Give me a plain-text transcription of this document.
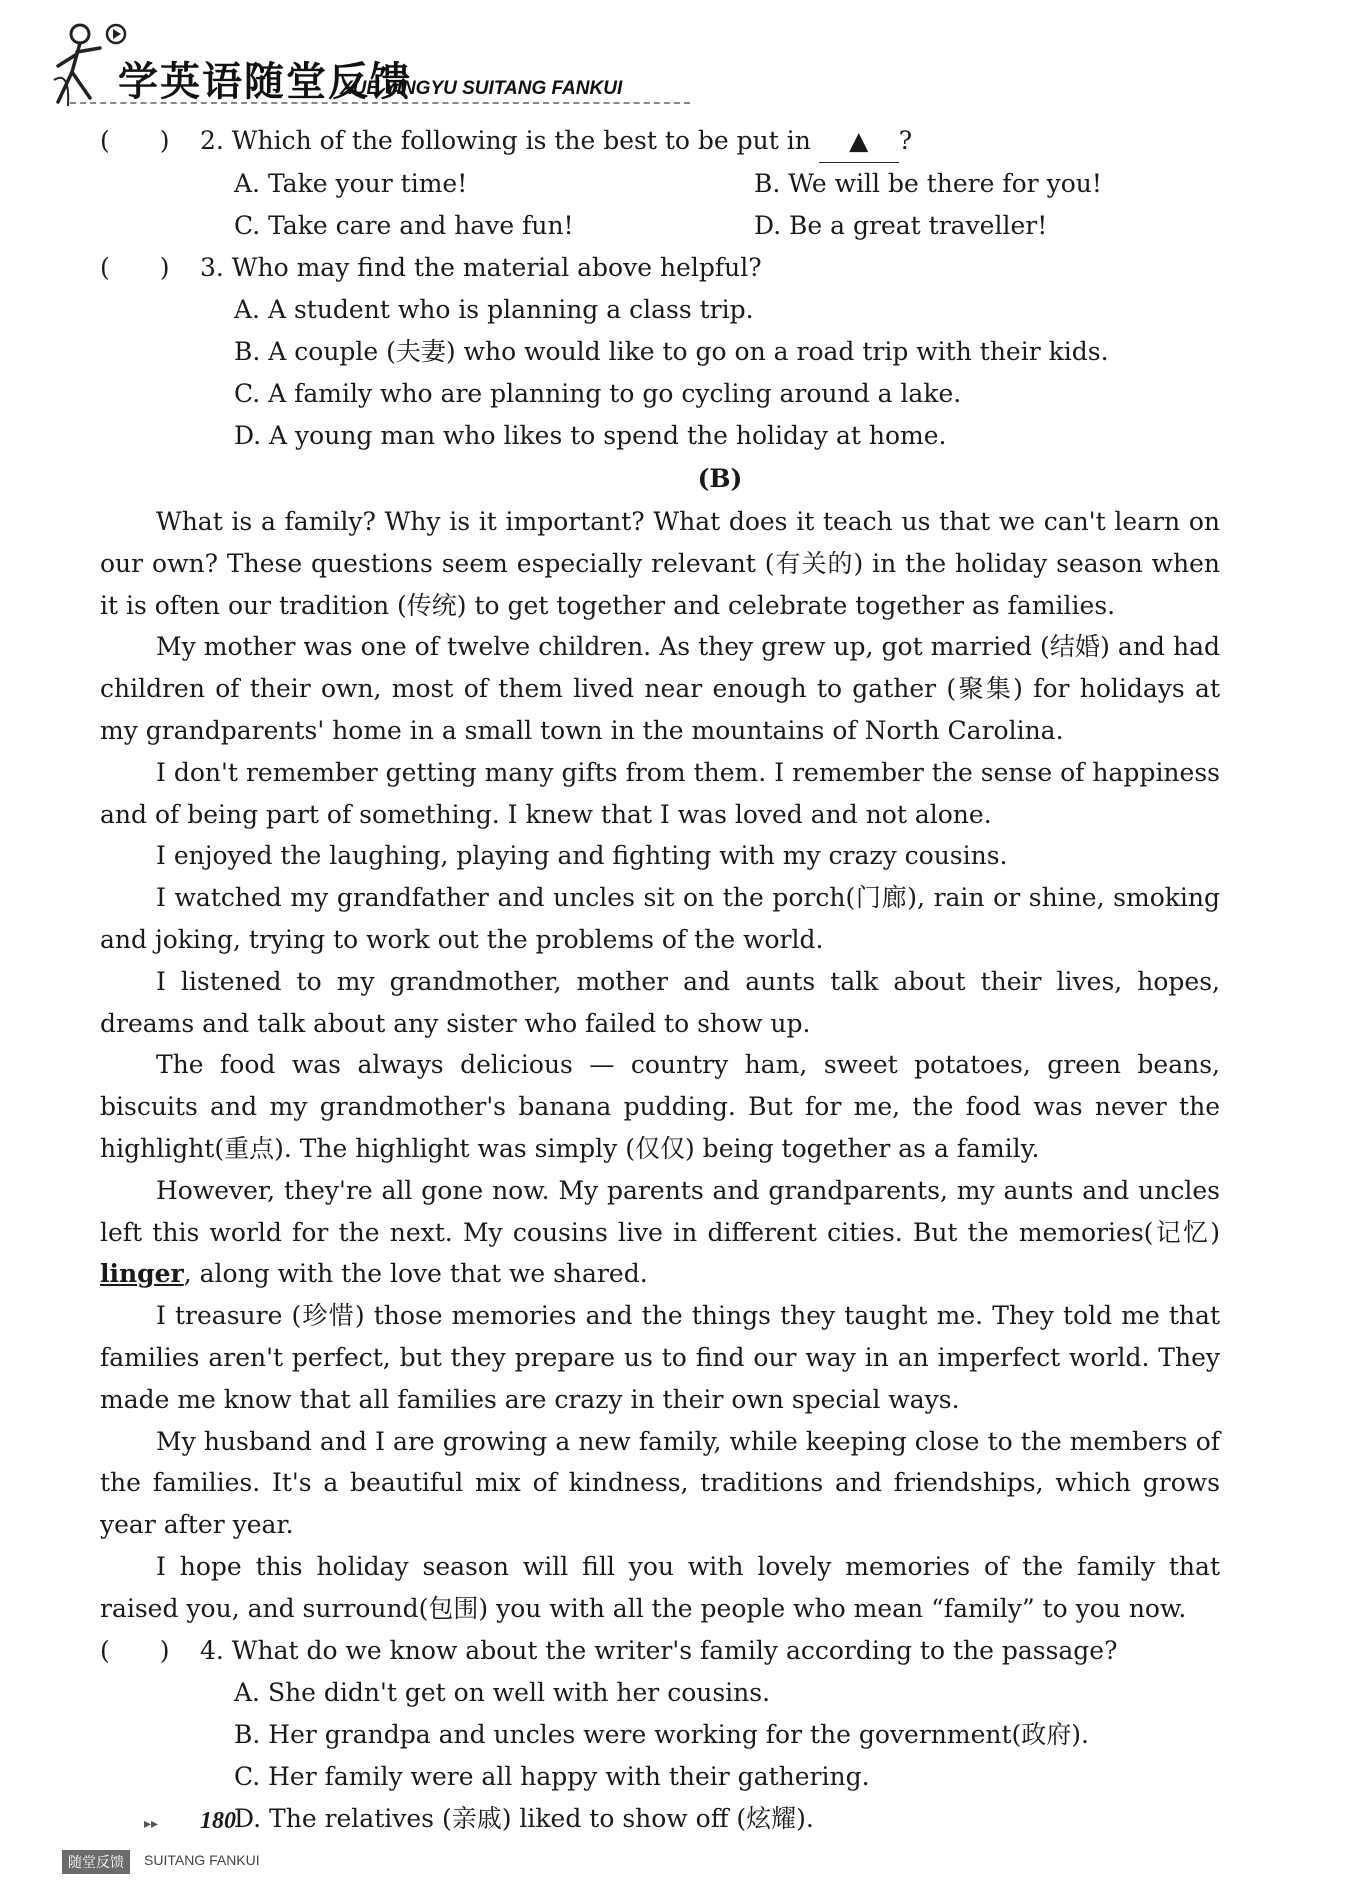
学英语随堂反馈
XUE YINGYU SUITANG FANKUI
(　　) 2. Which of the following is the best to be put in ▲ ?
A. Take your time!	B. We will be there for you!
C. Take care and have fun!	D. Be a great traveller!
(　　) 3. Who may find the material above helpful?
A. A student who is planning a class trip.
B. A couple (夫妻) who would like to go on a road trip with their kids.
C. A family who are planning to go cycling around a lake.
D. A young man who likes to spend the holiday at home.
(B)

What is a family? Why is it important? What does it teach us that we can't learn on our own? These questions seem especially relevant (有关的) in the holiday season when it is often our tradition (传统) to get together and celebrate together as families.

My mother was one of twelve children. As they grew up, got married (结婚) and had children of their own, most of them lived near enough to gather (聚集) for holidays at my grandparents' home in a small town in the mountains of North Carolina.

I don't remember getting many gifts from them. I remember the sense of happiness and of being part of something. I knew that I was loved and not alone.

I enjoyed the laughing, playing and fighting with my crazy cousins.

I watched my grandfather and uncles sit on the porch(门廊), rain or shine, smoking and joking, trying to work out the problems of the world.

I listened to my grandmother, mother and aunts talk about their lives, hopes, dreams and talk about any sister who failed to show up.

The food was always delicious — country ham, sweet potatoes, green beans, biscuits and my grandmother's banana pudding. But for me, the food was never the highlight(重点). The highlight was simply (仅仅) being together as a family.

However, they're all gone now. My parents and grandparents, my aunts and uncles left this world for the next. My cousins live in different cities. But the memories(记忆) linger, along with the love that we shared.

I treasure (珍惜) those memories and the things they taught me. They told me that families aren't perfect, but they prepare us to find our way in an imperfect world. They made me know that all families are crazy in their own special ways.

My husband and I are growing a new family, while keeping close to the members of the families. It's a beautiful mix of kindness, traditions and friendships, which grows year after year.

I hope this holiday season will fill you with lovely memories of the family that raised you, and surround(包围) you with all the people who mean “family” to you now.

(　　) 4. What do we know about the writer's family according to the passage?
A. She didn't get on well with her cousins.
B. Her grandpa and uncles were working for the government(政府).
C. Her family were all happy with their gathering.
D. The relatives (亲戚) liked to show off (炫耀).
▸▸ 180
随堂反馈	SUITANG FANKUI
